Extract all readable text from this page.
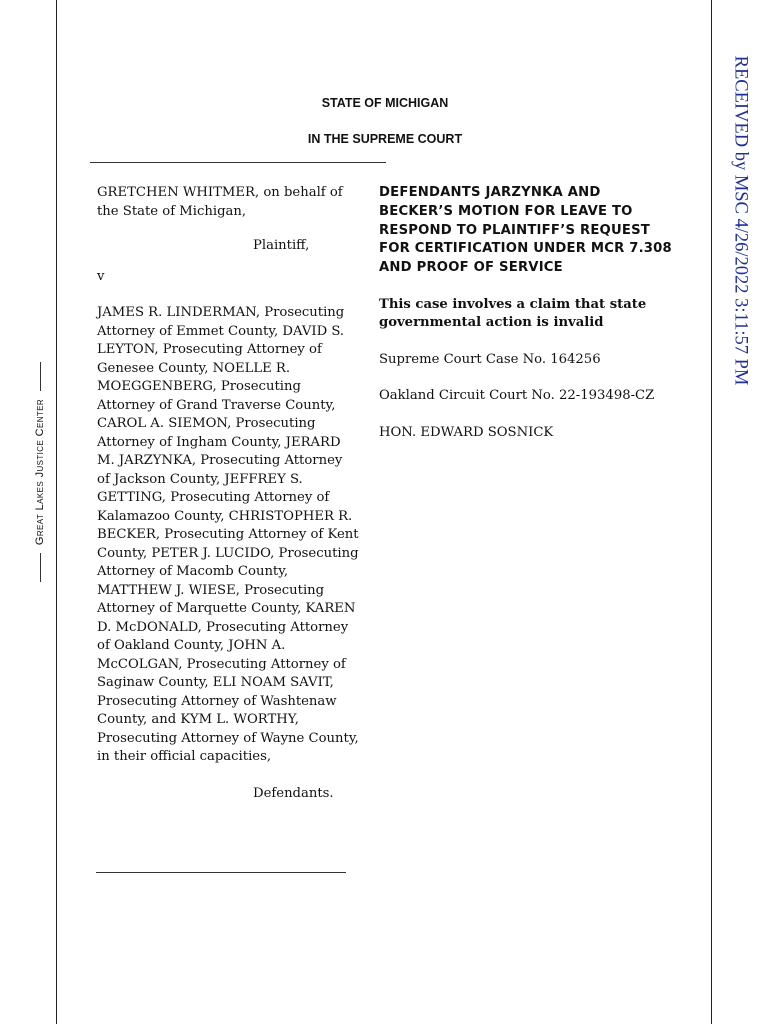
Great Lakes Justice Center
RECEIVED by MSC 4/26/2022 3:11:57 PM
STATE OF MICHIGAN
IN THE SUPREME COURT

GRETCHEN WHITMER, on behalf of the State of Michigan,

Plaintiff,

v

JAMES R. LINDERMAN, Prosecuting Attorney of Emmet County, DAVID S. LEYTON, Prosecuting Attorney of Genesee County, NOELLE R. MOEGGENBERG, Prosecuting Attorney of Grand Traverse County, CAROL A. SIEMON, Prosecuting Attorney of Ingham County, JERARD M. JARZYNKA, Prosecuting Attorney of Jackson County, JEFFREY S. GETTING, Prosecuting Attorney of Kalamazoo County, CHRISTOPHER R. BECKER, Prosecuting Attorney of Kent County, PETER J. LUCIDO, Prosecuting Attorney of Macomb County, MATTHEW J. WIESE, Prosecuting Attorney of Marquette County, KAREN D. McDONALD, Prosecuting Attorney of Oakland County, JOHN A. McCOLGAN, Prosecuting Attorney of Saginaw County, ELI NOAM SAVIT, Prosecuting Attorney of Washtenaw County, and KYM L. WORTHY, Prosecuting Attorney of Wayne County, in their official capacities,

Defendants.

DEFENDANTS JARZYNKA AND BECKER’S MOTION FOR LEAVE TO RESPOND TO PLAINTIFF’S REQUEST FOR CERTIFICATION UNDER MCR 7.308 AND PROOF OF SERVICE

This case involves a claim that state governmental action is invalid

Supreme Court Case No. 164256

Oakland Circuit Court No. 22-193498-CZ

HON. EDWARD SOSNICK
